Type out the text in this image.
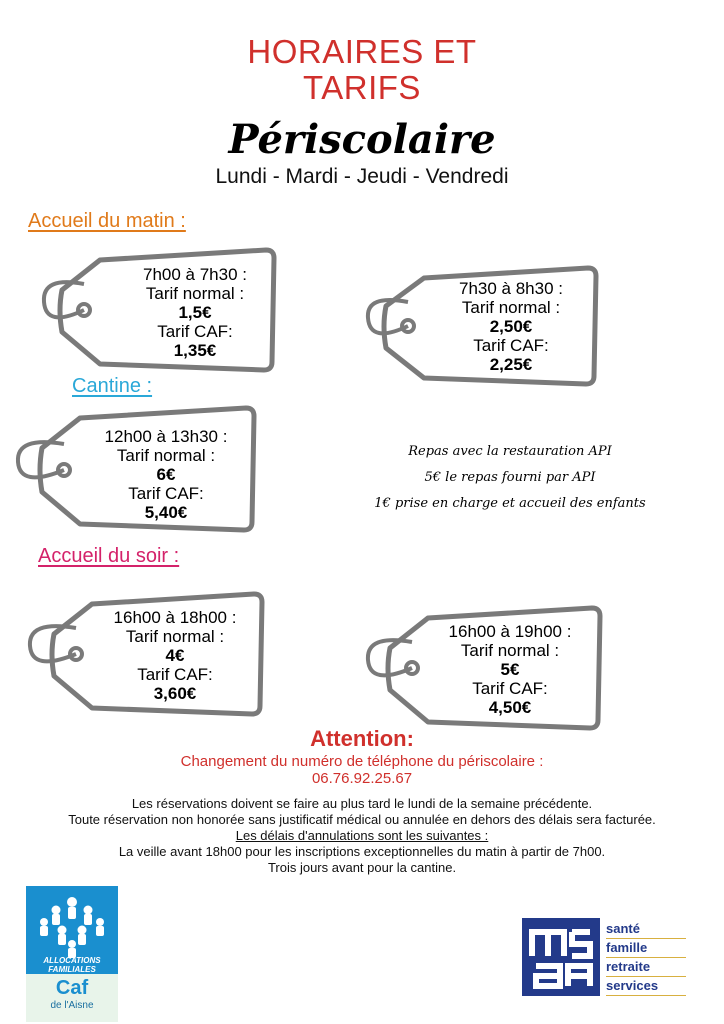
HORAIRES ET
TARIFS
Périscolaire
Lundi - Mardi - Jeudi - Vendredi
Accueil du matin :
Cantine :
Accueil du soir :
7h00 à 7h30 :
Tarif normal :
1,5€
Tarif CAF:
1,35€
7h30 à 8h30 :
Tarif normal :
2,50€
Tarif CAF:
2,25€
12h00 à 13h30 :
Tarif normal :
6€
Tarif CAF:
5,40€
Repas avec la restauration API
5€ le repas fourni par API
1€ prise en charge et accueil des enfants
16h00 à 18h00 :
Tarif normal :
4€
Tarif CAF:
3,60€
16h00 à 19h00 :
Tarif normal :
5€
Tarif CAF:
4,50€
Attention:
Changement du numéro de téléphone du périscolaire :
06.76.92.25.67
Les réservations doivent se faire au plus tard le lundi de la semaine précédente.
Toute réservation non honorée sans justificatif médical ou annulée en dehors des délais sera facturée.
Les délais d'annulations sont les suivantes :
La veille avant 18h00 pour les inscriptions exceptionnelles du matin à partir de 7h00.
Trois jours avant pour la cantine.
ALLOCATIONS FAMILIALES
Caf
de l'Aisne
santé
famille
retraite
services
